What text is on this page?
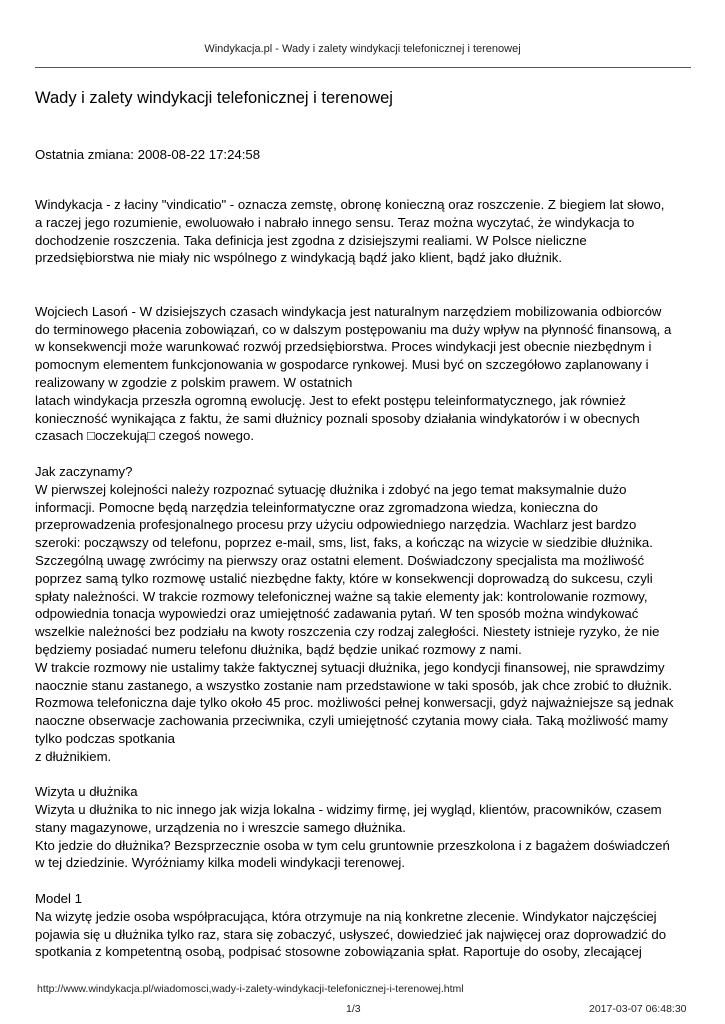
Windykacja.pl - Wady i zalety windykacji telefonicznej i terenowej
Wady i zalety windykacji telefonicznej i terenowej
Ostatnia zmiana: 2008-08-22 17:24:58

Windykacja - z łaciny "vindicatio" - oznacza zemstę, obronę konieczną oraz roszczenie. Z biegiem lat słowo,
a raczej jego rozumienie, ewoluowało i nabrało innego sensu. Teraz można wyczytać, że windykacja to
dochodzenie roszczenia. Taka definicja jest zgodna z dzisiejszymi realiami. W Polsce nieliczne
przedsiębiorstwa nie miały nic wspólnego z windykacją bądź jako klient, bądź jako dłużnik.

Wojciech Lasoń - W dzisiejszych czasach windykacja jest naturalnym narzędziem mobilizowania odbiorców
do terminowego płacenia zobowiązań, co w dalszym postępowaniu ma duży wpływ na płynność finansową, a
w konsekwencji może warunkować rozwój przedsiębiorstwa. Proces windykacji jest obecnie niezbędnym i
pomocnym elementem funkcjonowania w gospodarce rynkowej. Musi być on szczegółowo zaplanowany i
realizowany w zgodzie z polskim prawem. W ostatnich
latach windykacja przeszła ogromną ewolucję. Jest to efekt postępu teleinformatycznego, jak również
konieczność wynikająca z faktu, że sami dłużnicy poznali sposoby działania windykatorów i w obecnych
czasach □oczekują□ czegoś nowego.

Jak zaczynamy?
W pierwszej kolejności należy rozpoznać sytuację dłużnika i zdobyć na jego temat maksymalnie dużo
informacji. Pomocne będą narzędzia teleinformatyczne oraz zgromadzona wiedza, konieczna do
przeprowadzenia profesjonalnego procesu przy użyciu odpowiedniego narzędzia. Wachlarz jest bardzo
szeroki: począwszy od telefonu, poprzez e-mail, sms, list, faks, a kończąc na wizycie w siedzibie dłużnika.
Szczególną uwagę zwrócimy na pierwszy oraz ostatni element. Doświadczony specjalista ma możliwość
poprzez samą tylko rozmowę ustalić niezbędne fakty, które w konsekwencji doprowadzą do sukcesu, czyli
spłaty należności. W trakcie rozmowy telefonicznej ważne są takie elementy jak: kontrolowanie rozmowy,
odpowiednia tonacja wypowiedzi oraz umiejętność zadawania pytań. W ten sposób można windykować
wszelkie należności bez podziału na kwoty roszczenia czy rodzaj zaległości. Niestety istnieje ryzyko, że nie
będziemy posiadać numeru telefonu dłużnika, bądź będzie unikać rozmowy z nami.
W trakcie rozmowy nie ustalimy także faktycznej sytuacji dłużnika, jego kondycji finansowej, nie sprawdzimy
naocznie stanu zastanego, a wszystko zostanie nam przedstawione w taki sposób, jak chce zrobić to dłużnik.
Rozmowa telefoniczna daje tylko około 45 proc. możliwości pełnej konwersacji, gdyż najważniejsze są jednak
naoczne obserwacje zachowania przeciwnika, czyli umiejętność czytania mowy ciała. Taką możliwość mamy
tylko podczas spotkania
z dłużnikiem.

Wizyta u dłużnika
Wizyta u dłużnika to nic innego jak wizja lokalna - widzimy firmę, jej wygląd, klientów, pracowników, czasem
stany magazynowe, urządzenia no i wreszcie samego dłużnika.
Kto jedzie do dłużnika? Bezsprzecznie osoba w tym celu gruntownie przeszkolona i z bagażem doświadczeń
w tej dziedzinie. Wyróżniamy kilka modeli windykacji terenowej.

Model 1
Na wizytę jedzie osoba współpracująca, która otrzymuje na nią konkretne zlecenie. Windykator najczęściej
pojawia się u dłużnika tylko raz, stara się zobaczyć, usłyszeć, dowiedzieć jak najwięcej oraz doprowadzić do
spotkania z kompetentną osobą, podpisać stosowne zobowiązania spłat. Raportuje do osoby, zlecającej

http://www.windykacja.pl/wiadomosci,wady-i-zalety-windykacji-telefonicznej-i-terenowej.html
1/3	2017-03-07 06:48:30
